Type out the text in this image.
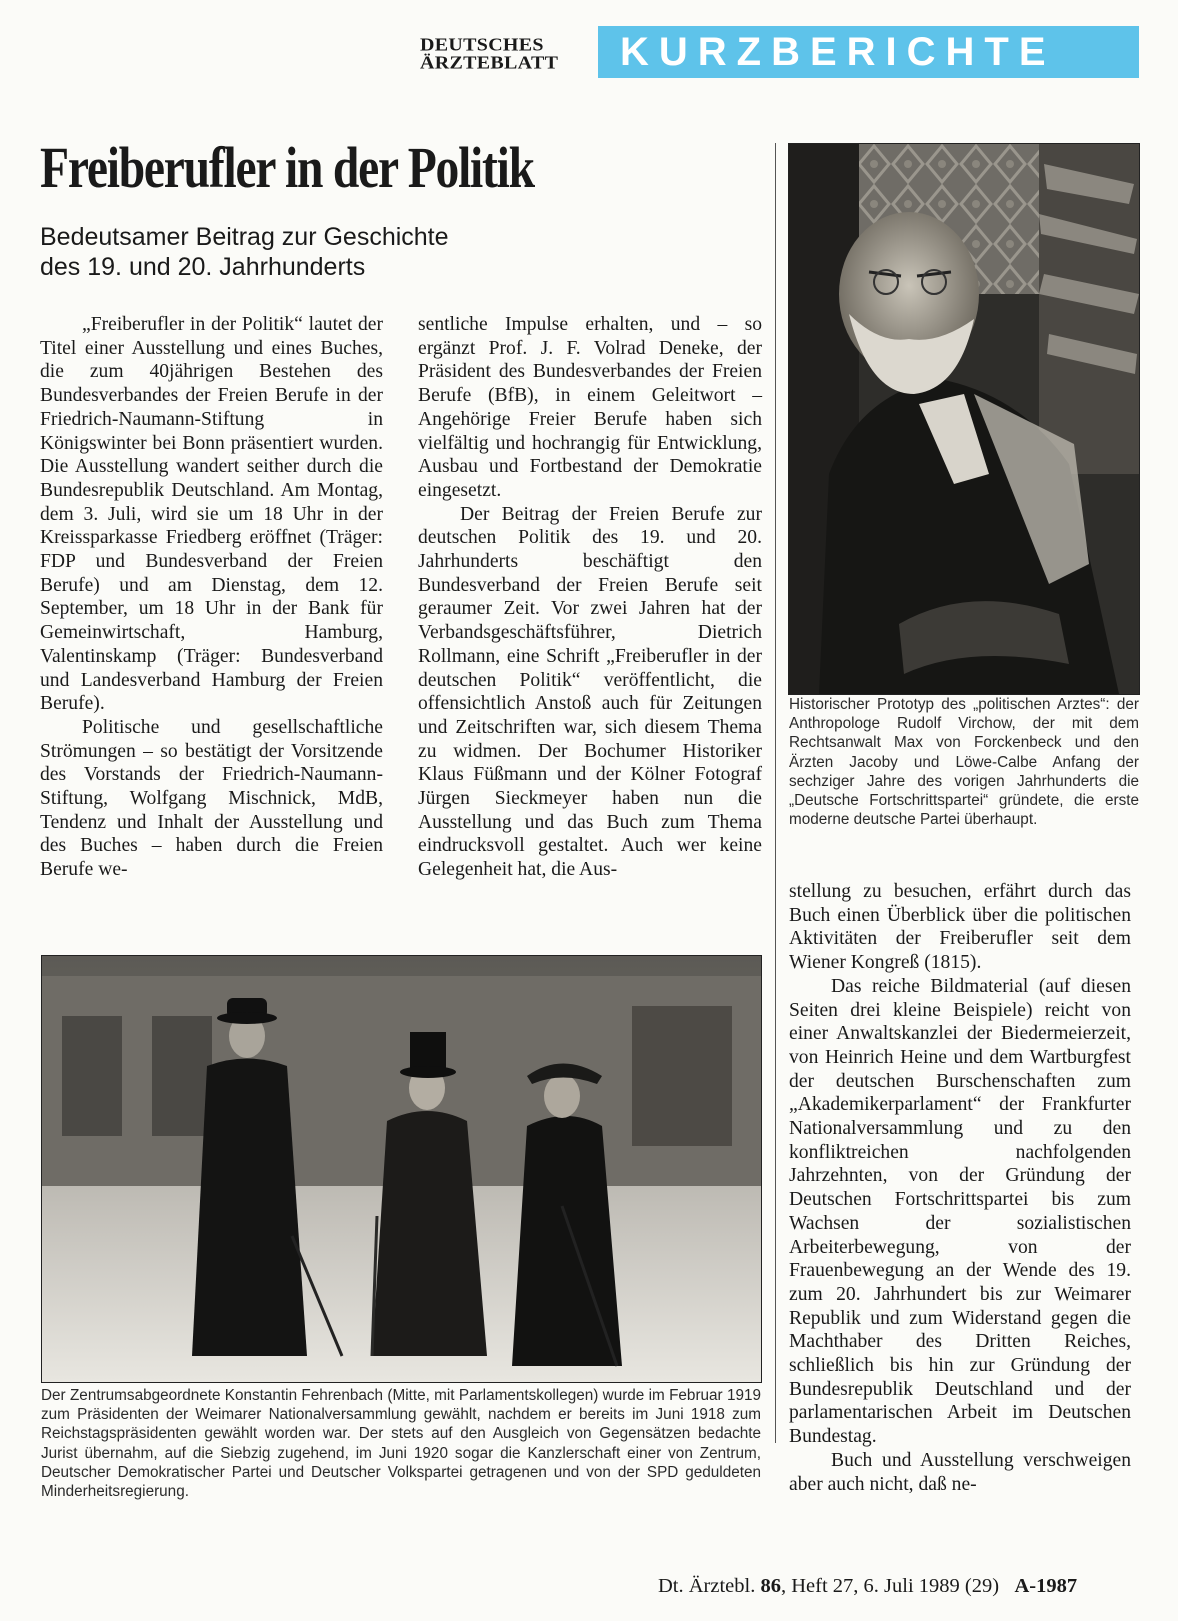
DEUTSCHES
ÄRZTEBLATT	KURZBERICHTE
Freiberufler in der Politik
Bedeutsamer Beitrag zur Geschichte
des 19. und 20. Jahrhunderts

„Freiberufler in der Politik“ lautet der Titel einer Ausstellung und eines Buches, die zum 40jährigen Bestehen des Bundesverbandes der Freien Berufe in der Friedrich-Naumann-Stiftung in Königswinter bei Bonn präsentiert wurden. Die Ausstellung wandert seither durch die Bundesrepublik Deutschland. Am Montag, dem 3. Juli, wird sie um 18 Uhr in der Kreissparkasse Friedberg eröffnet (Träger: FDP und Bundesverband der Freien Berufe) und am Dienstag, dem 12. September, um 18 Uhr in der Bank für Gemeinwirtschaft, Hamburg, Valentinskamp (Träger: Bundesverband und Landesverband Hamburg der Freien Berufe).

Politische und gesellschaftliche Strömungen – so bestätigt der Vorsitzende des Vorstands der Friedrich-Naumann-Stiftung, Wolfgang Mischnick, MdB, Tendenz und Inhalt der Ausstellung und des Buches – haben durch die Freien Berufe we-

sentliche Impulse erhalten, und – so ergänzt Prof. J. F. Volrad Deneke, der Präsident des Bundesverbandes der Freien Berufe (BfB), in einem Geleitwort – Angehörige Freier Berufe haben sich vielfältig und hochrangig für Entwicklung, Ausbau und Fortbestand der Demokratie eingesetzt.

Der Beitrag der Freien Berufe zur deutschen Politik des 19. und 20. Jahrhunderts beschäftigt den Bundesverband der Freien Berufe seit geraumer Zeit. Vor zwei Jahren hat der Verbandsgeschäftsführer, Dietrich Rollmann, eine Schrift „Freiberufler in der deutschen Politik“ veröffentlicht, die offensichtlich Anstoß auch für Zeitungen und Zeitschriften war, sich diesem Thema zu widmen. Der Bochumer Historiker Klaus Füßmann und der Kölner Fotograf Jürgen Sieckmeyer haben nun die Ausstellung und das Buch zum Thema eindrucksvoll gestaltet. Auch wer keine Gelegenheit hat, die Aus-

Historischer Prototyp des „politischen Arztes“: der Anthropologe Rudolf Virchow, der mit dem Rechtsanwalt Max von Forckenbeck und den Ärzten Jacoby und Löwe-Calbe Anfang der sechziger Jahre des vorigen Jahrhunderts die „Deutsche Fortschrittspartei“ gründete, die erste moderne deutsche Partei überhaupt.

stellung zu besuchen, erfährt durch das Buch einen Überblick über die politischen Aktivitäten der Freiberufler seit dem Wiener Kongreß (1815).

Das reiche Bildmaterial (auf diesen Seiten drei kleine Beispiele) reicht von einer Anwaltskanzlei der Biedermeierzeit, von Heinrich Heine und dem Wartburgfest der deutschen Burschenschaften zum „Akademikerparlament“ der Frankfurter Nationalversammlung und zu den konfliktreichen nachfolgenden Jahrzehnten, von der Gründung der Deutschen Fortschrittspartei bis zum Wachsen der sozialistischen Arbeiterbewegung, von der Frauenbewegung an der Wende des 19. zum 20. Jahrhundert bis zur Weimarer Republik und zum Widerstand gegen die Machthaber des Dritten Reiches, schließlich bis hin zur Gründung der Bundesrepublik Deutschland und der parlamentarischen Arbeit im Deutschen Bundestag.

Buch und Ausstellung verschweigen aber auch nicht, daß ne-

Der Zentrumsabgeordnete Konstantin Fehrenbach (Mitte, mit Parlamentskollegen) wurde im Februar 1919 zum Präsidenten der Weimarer Nationalversammlung gewählt, nachdem er bereits im Juni 1918 zum Reichstagspräsidenten gewählt worden war. Der stets auf den Ausgleich von Gegensätzen bedachte Jurist übernahm, auf die Siebzig zugehend, im Juni 1920 sogar die Kanzlerschaft einer von Zentrum, Deutscher Demokratischer Partei und Deutscher Volkspartei getragenen und von der SPD geduldeten Minderheitsregierung.
Dt. Ärztebl. 86, Heft 27, 6. Juli 1989 (29) A-1987
